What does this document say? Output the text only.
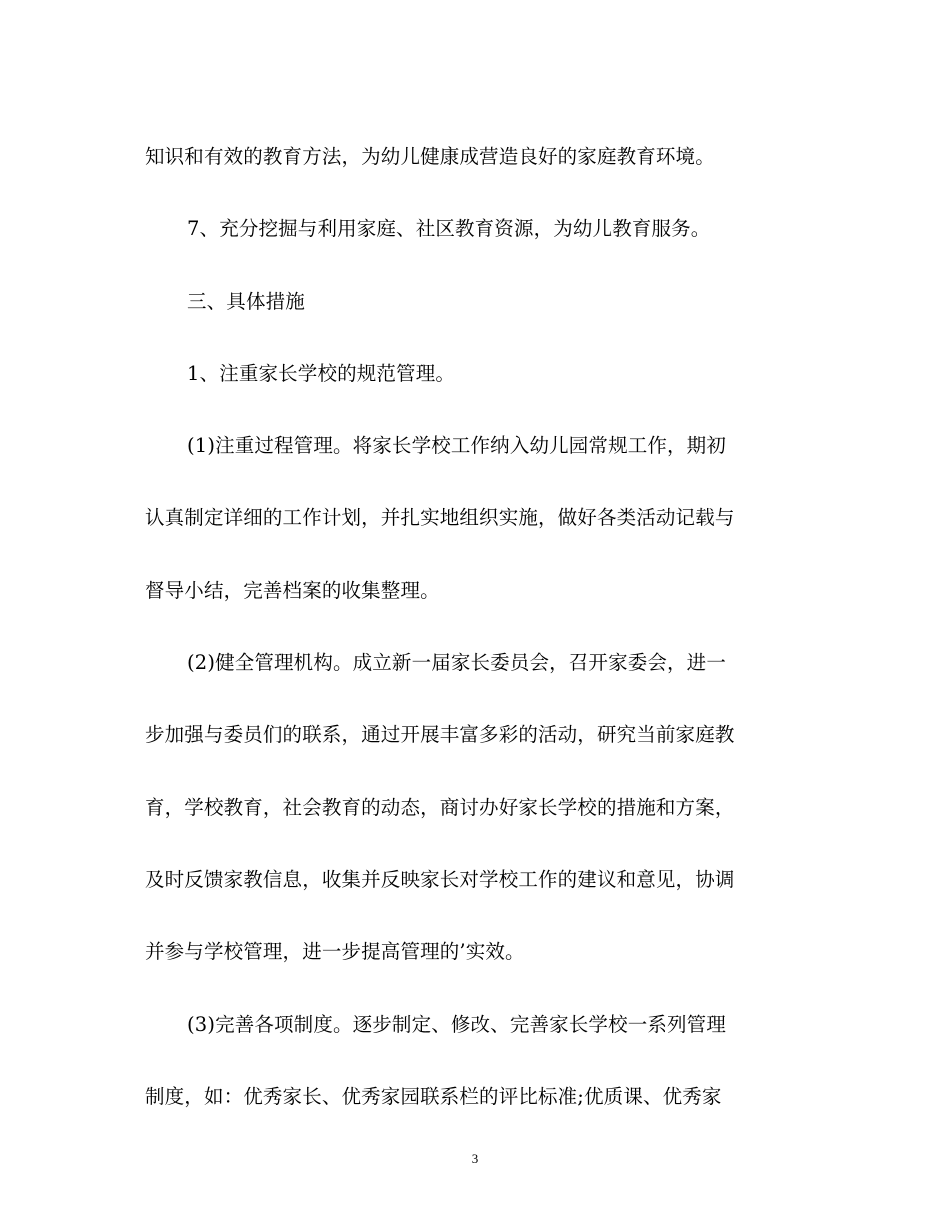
知识和有效的教育方法，为幼儿健康成营造良好的家庭教育环境。
7、充分挖掘与利用家庭、社区教育资源，为幼儿教育服务。
三、具体措施
1、注重家长学校的规范管理。
(1)注重过程管理。将家长学校工作纳入幼儿园常规工作，期初
认真制定详细的工作计划，并扎实地组织实施，做好各类活动记载与
督导小结，完善档案的收集整理。
(2)健全管理机构。成立新一届家长委员会，召开家委会，进一
步加强与委员们的联系，通过开展丰富多彩的活动，研究当前家庭教
育，学校教育，社会教育的动态，商讨办好家长学校的措施和方案，
及时反馈家教信息，收集并反映家长对学校工作的建议和意见，协调
并参与学校管理，进一步提高管理的’实效。
(3)完善各项制度。逐步制定、修改、完善家长学校一系列管理
制度，如：优秀家长、优秀家园联系栏的评比标准;优质课、优秀家
3
